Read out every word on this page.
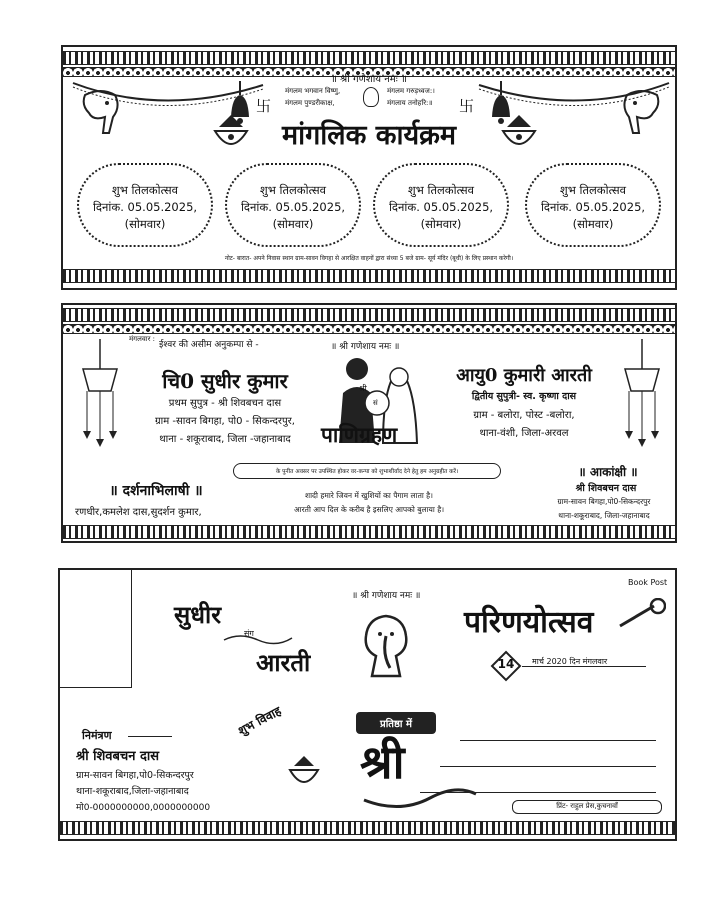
卐	卐
॥ श्री गणेशाय नमः ॥
मंगलम भगवान विष्णु,
मंगलम पुण्डरीकाक्ष,
मंगलम गरुड़ध्वज:।
मंगलाय तनोहरि:॥
मांगलिक कार्यक्रम
शुभ तिलकोत्सव
दिनांक. 05.05.2025,
(सोमवार)
शुभ तिलकोत्सव
दिनांक. 05.05.2025,
(सोमवार)
शुभ तिलकोत्सव
दिनांक. 05.05.2025,
(सोमवार)
शुभ तिलकोत्सव
दिनांक. 05.05.2025,
(सोमवार)
नोट- बारात- अपने निवास स्थान ग्राम-सावन विगहा से आरक्षित वाहनों द्वारा संध्या 5 बजे ग्राम- सूर्य मंदिर (बूधी) के लिए प्रस्थान करेगी।
मंगलवार :
ईश्वर की असीम अनुकम्पा से -	॥ श्री गणेशाय नमः ॥
चि0 सुधीर कुमार
प्रथम सुपुत्र - श्री शिवबचन दास
ग्राम -सावन बिगहा, पो0 - सिकन्दरपुर,
थाना - शकूराबाद, जिला -जहानाबाद
श्री
सं
पाणिग्रहण
आयु0 कुमारी आरती
द्वितीय सुपुत्री- स्व. कृष्णा दास
ग्राम - बलोरा, पोस्ट -बलोरा,
थाना-वंशी, जिला-अरवल
के पुनीत अवसर पर उपस्थित होकर वर-कन्या को शुभाशीर्वाद देने हेतु हम अनुग्रहीत करें।
॥ दर्शनाभिलाषी ॥
रणधीर,कमलेश दास,सुदर्शन कुमार,
शादी हमारे जिवन में खुशियों का पैगाम लाता है।
आरती आप दिल के करीब है इसलिए आपको बुलाया है।
॥ आकांक्षी ॥
श्री शिवबचन दास
ग्राम-सावन बिगहा,पो0-सिकन्दरपुर
थाना-शकूराबाद, जिला-जहानाबाद
Book Post
सुधीर
संग
आरती
॥ श्री गणेशाय नमः ॥
परिणयोत्सव
14	मार्च 2020 दिन मंगलवार
शुभ विवाह
निमंत्रण
श्री शिवबचन दास
ग्राम-सावन बिगहा,पो0-सिकन्दरपुर
थाना-शकूराबाद,जिला-जहानाबाद
मो0-0000000000,0000000000
प्रतिष्ठा में
श्री
प्रिंट- राहुल प्रेस,कुचनावाँ
